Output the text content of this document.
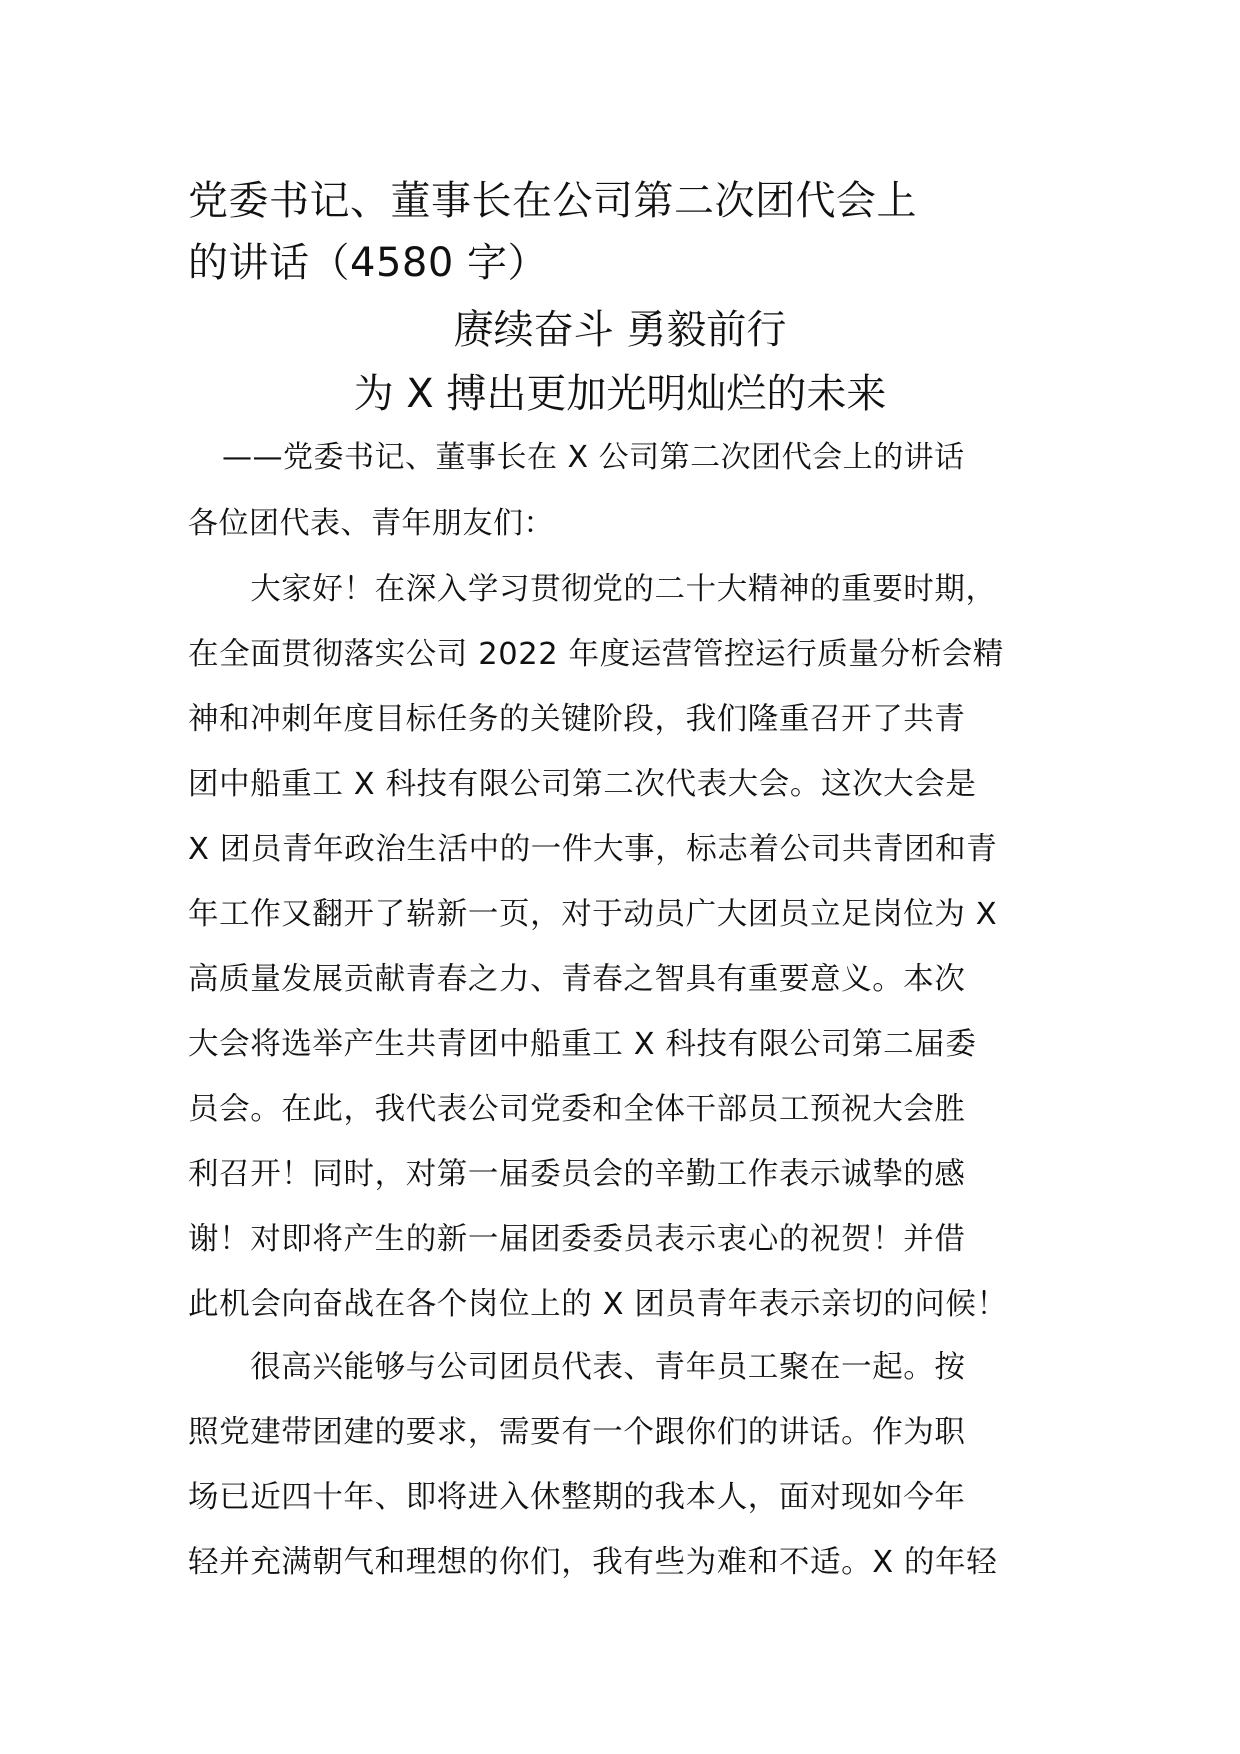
党委书记、董事长在公司第二次团代会上
的讲话（4580 字）
赓续奋斗 勇毅前行
为 X 搏出更加光明灿烂的未来

——党委书记、董事长在 X 公司第二次团代会上的讲话

各位团代表、青年朋友们：

　　大家好！在深入学习贯彻党的二十大精神的重要时期，
在全面贯彻落实公司 2022 年度运营管控运行质量分析会精
神和冲刺年度目标任务的关键阶段，我们隆重召开了共青
团中船重工 X 科技有限公司第二次代表大会。这次大会是
X 团员青年政治生活中的一件大事，标志着公司共青团和青
年工作又翻开了崭新一页，对于动员广大团员立足岗位为 X
高质量发展贡献青春之力、青春之智具有重要意义。本次
大会将选举产生共青团中船重工 X 科技有限公司第二届委
员会。在此，我代表公司党委和全体干部员工预祝大会胜
利召开！同时，对第一届委员会的辛勤工作表示诚挚的感
谢！对即将产生的新一届团委委员表示衷心的祝贺！并借
此机会向奋战在各个岗位上的 X 团员青年表示亲切的问候！
　　很高兴能够与公司团员代表、青年员工聚在一起。按
照党建带团建的要求，需要有一个跟你们的讲话。作为职
场已近四十年、即将进入休整期的我本人，面对现如今年
轻并充满朝气和理想的你们，我有些为难和不适。X 的年轻
